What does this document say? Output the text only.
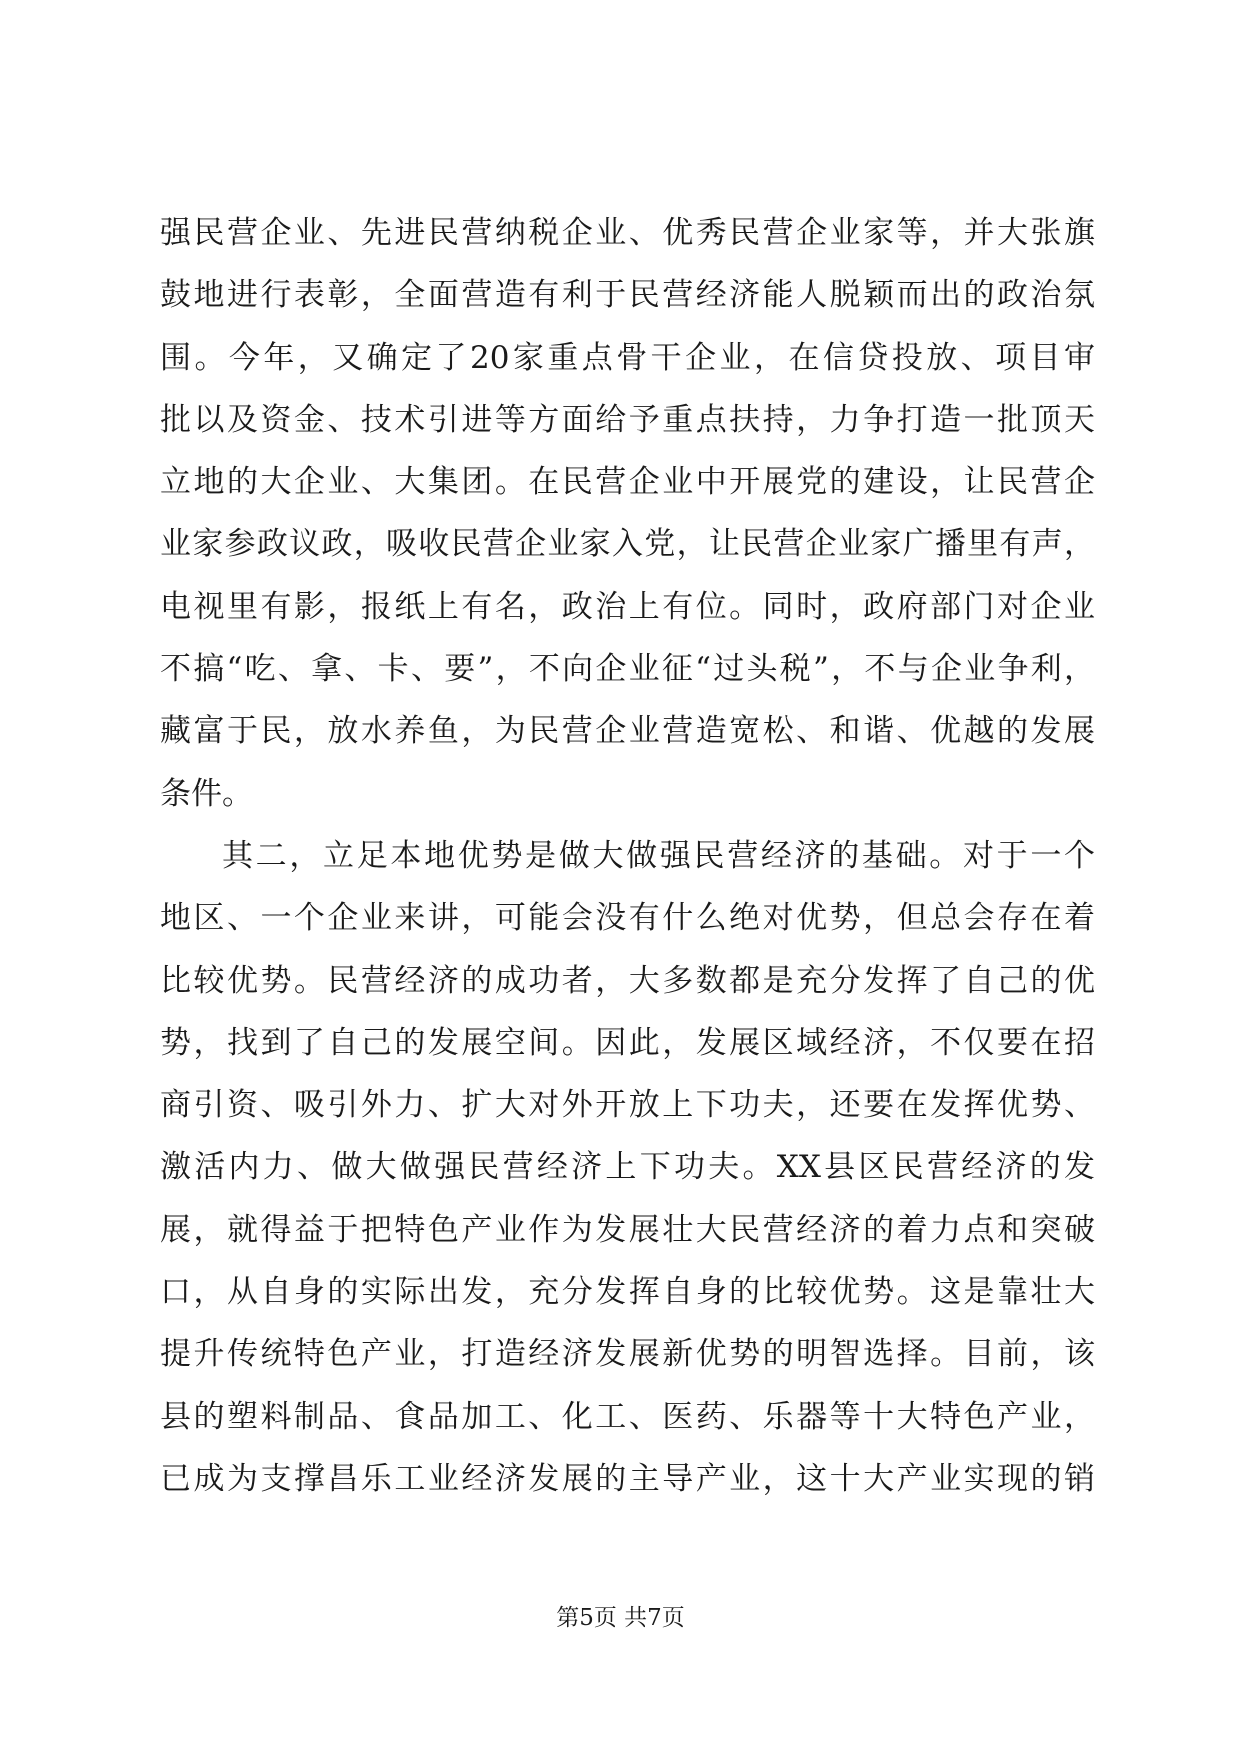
强民营企业、先进民营纳税企业、优秀民营企业家等，并大张旗
鼓地进行表彰，全面营造有利于民营经济能人脱颖而出的政治氛
围。今年，又确定了20家重点骨干企业，在信贷投放、项目审
批以及资金、技术引进等方面给予重点扶持，力争打造一批顶天
立地的大企业、大集团。在民营企业中开展党的建设，让民营企
业家参政议政，吸收民营企业家入党，让民营企业家广播里有声，
电视里有影，报纸上有名，政治上有位。同时，政府部门对企业
不搞“吃、拿、卡、要”，不向企业征“过头税”，不与企业争利，
藏富于民，放水养鱼，为民营企业营造宽松、和谐、优越的发展
条件。
其二，立足本地优势是做大做强民营经济的基础。对于一个
地区、一个企业来讲，可能会没有什么绝对优势，但总会存在着
比较优势。民营经济的成功者，大多数都是充分发挥了自己的优
势，找到了自己的发展空间。因此，发展区域经济，不仅要在招
商引资、吸引外力、扩大对外开放上下功夫，还要在发挥优势、
激活内力、做大做强民营经济上下功夫。XX县区民营经济的发
展，就得益于把特色产业作为发展壮大民营经济的着力点和突破
口，从自身的实际出发，充分发挥自身的比较优势。这是靠壮大
提升传统特色产业，打造经济发展新优势的明智选择。目前，该
县的塑料制品、食品加工、化工、医药、乐器等十大特色产业，
已成为支撑昌乐工业经济发展的主导产业，这十大产业实现的销
第5页 共7页
